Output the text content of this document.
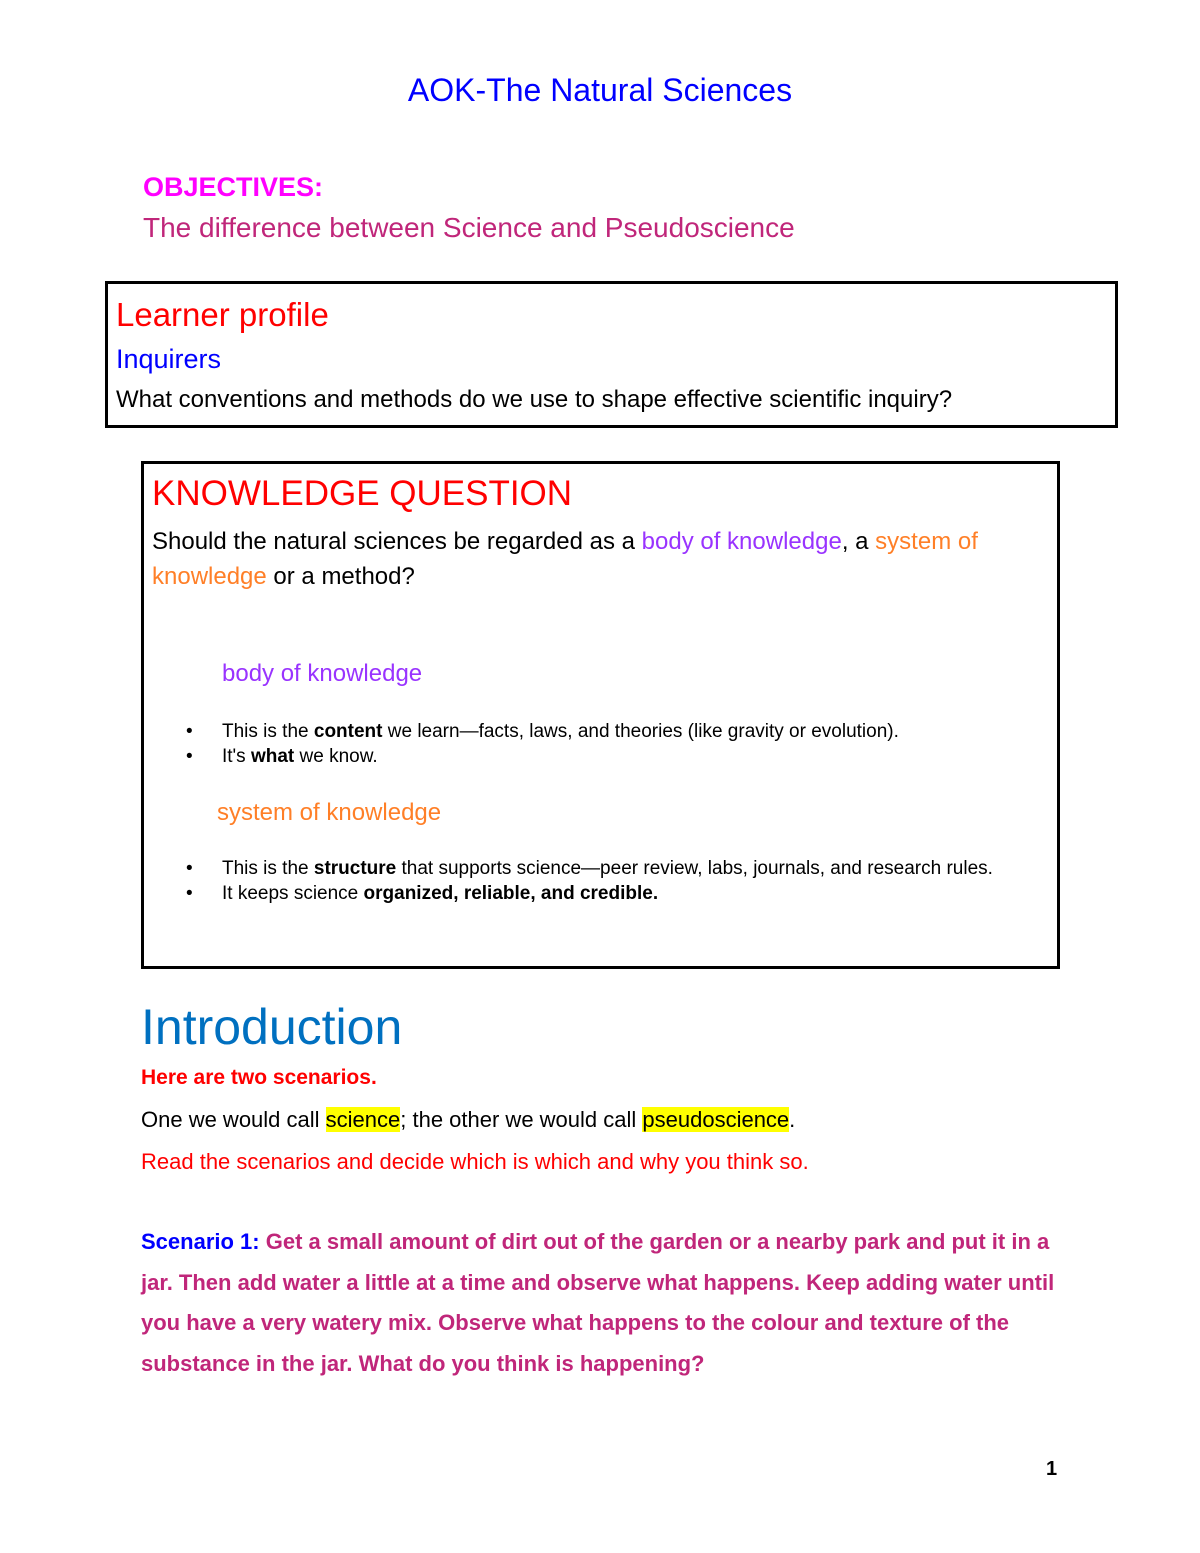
AOK-The Natural Sciences
OBJECTIVES:
The difference between Science and Pseudoscience
Learner profile
Inquirers
What conventions and methods do we use to shape effective scientific inquiry?
KNOWLEDGE QUESTION
Should the natural sciences be regarded as a body of knowledge, a system of knowledge or a method?
body of knowledge
• This is the content we learn—facts, laws, and theories (like gravity or evolution).
• It's what we know.
system of knowledge
• This is the structure that supports science—peer review, labs, journals, and research rules.
• It keeps science organized, reliable, and credible.
Introduction
Here are two scenarios.
One we would call science; the other we would call pseudoscience.
Read the scenarios and decide which is which and why you think so.
Scenario 1: Get a small amount of dirt out of the garden or a nearby park and put it in a jar. Then add water a little at a time and observe what happens. Keep adding water until you have a very watery mix. Observe what happens to the colour and texture of the substance in the jar. What do you think is happening?
1
